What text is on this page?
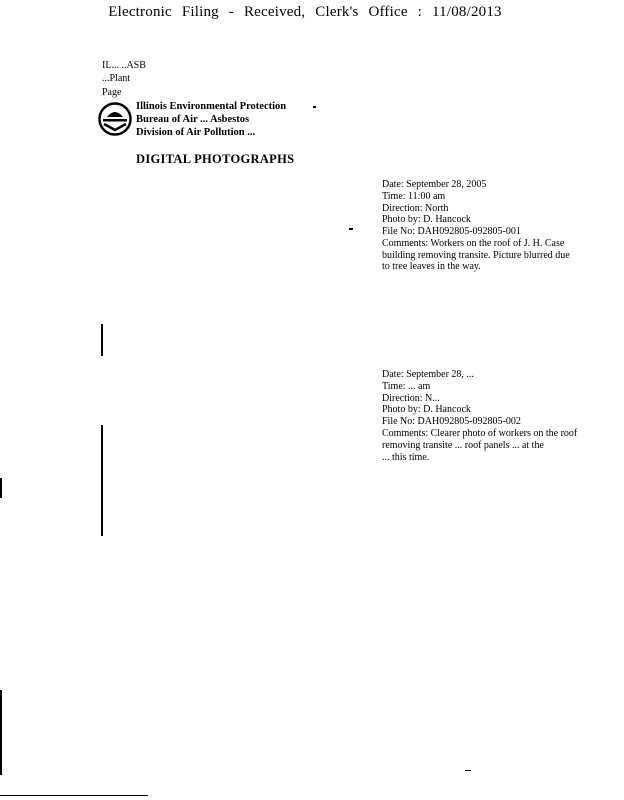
Electronic Filing - Received, Clerk's Office : 11/08/2013
IL... ..ASB
...Plant
Page
Illinois Environmental Protection
Bureau of Air ... Asbestos
Division of Air Pollution ...
DIGITAL PHOTOGRAPHS
Date: September 28, 2005
Time: 11:00 am
Direction: North
Photo by: D. Hancock
File No: DAH092805-092805-001
Comments: Workers on the roof of J. H. Case
building removing transite. Picture blurred due
to tree leaves in the way.
Date: September 28, ...
Time: ... am
Direction: N...
Photo by: D. Hancock
File No: DAH092805-092805-002
Comments: Clearer photo of workers on the roof
removing transite ... roof panels ... at the
... this time.
